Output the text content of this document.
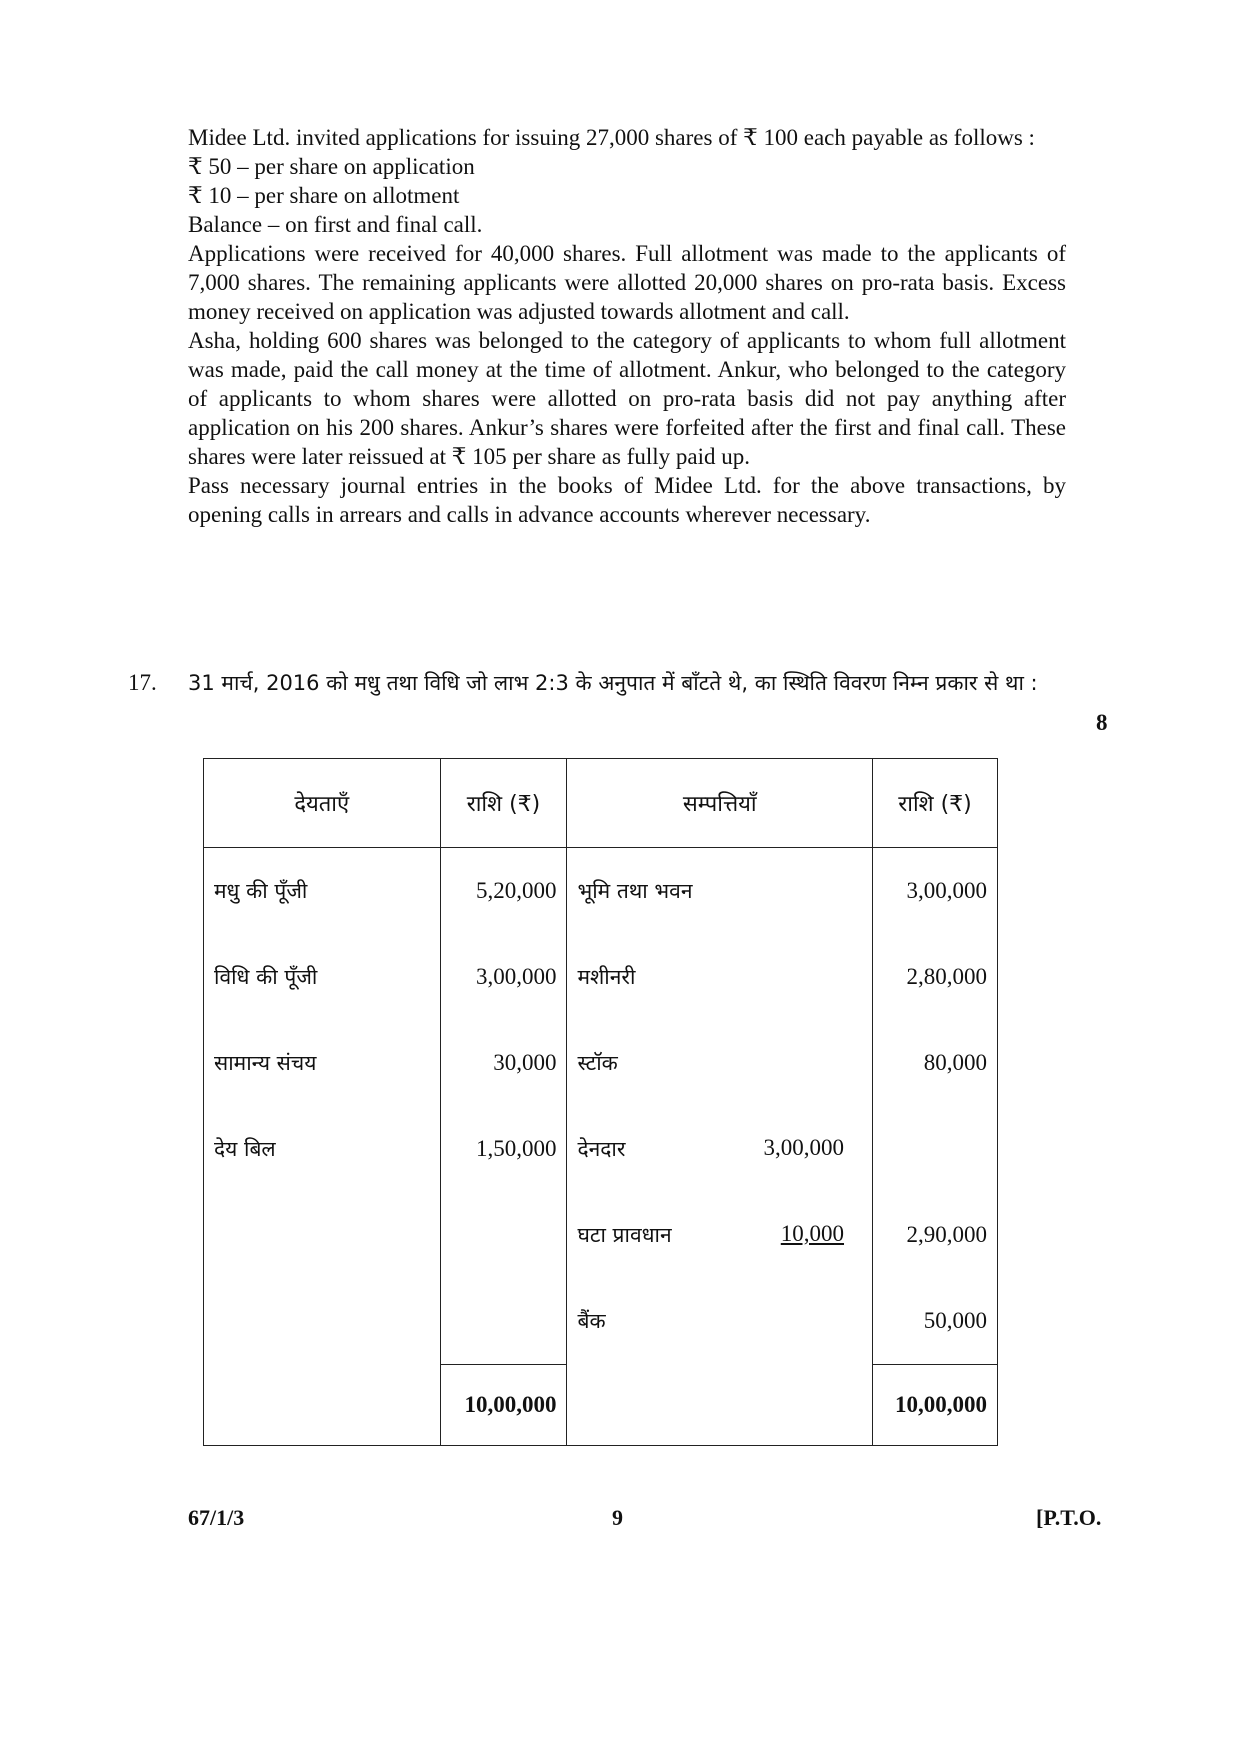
Midee Ltd. invited applications for issuing 27,000 shares of ₹ 100 each payable as follows :

₹ 50 – per share on application
₹ 10 – per share on allotment
Balance – on first and final call.

Applications were received for 40,000 shares. Full allotment was made to the applicants of 7,000 shares. The remaining applicants were allotted 20,000 shares on pro-rata basis. Excess money received on application was adjusted towards allotment and call.

Asha, holding 600 shares was belonged to the category of applicants to whom full allotment was made, paid the call money at the time of allotment. Ankur, who belonged to the category of applicants to whom shares were allotted on pro-rata basis did not pay anything after application on his 200 shares. Ankur’s shares were forfeited after the first and final call. These shares were later reissued at ₹ 105 per share as fully paid up.

Pass necessary journal entries in the books of Midee Ltd. for the above transactions, by opening calls in arrears and calls in advance accounts wherever necessary.

17. 31 मार्च, 2016 को मधु तथा विधि जो लाभ 2:3 के अनुपात में बाँटते थे, का स्थिति विवरण निम्न प्रकार से था :
8
देयताएँ	राशि (₹)	सम्पत्तियाँ	राशि (₹)
मधु की पूँजी	5,20,000	भूमि तथा भवन	3,00,000
विधि की पूँजी	3,00,000	मशीनरी	2,80,000
सामान्य संचय	30,000	स्टॉक	80,000
देय बिल	1,50,000	देनदार 3,00,000	

		घटा प्रावधान 10,000	2,90,000

		बैंक	50,000
	10,00,000		10,00,000
67/1/3	9	[P.T.O.
